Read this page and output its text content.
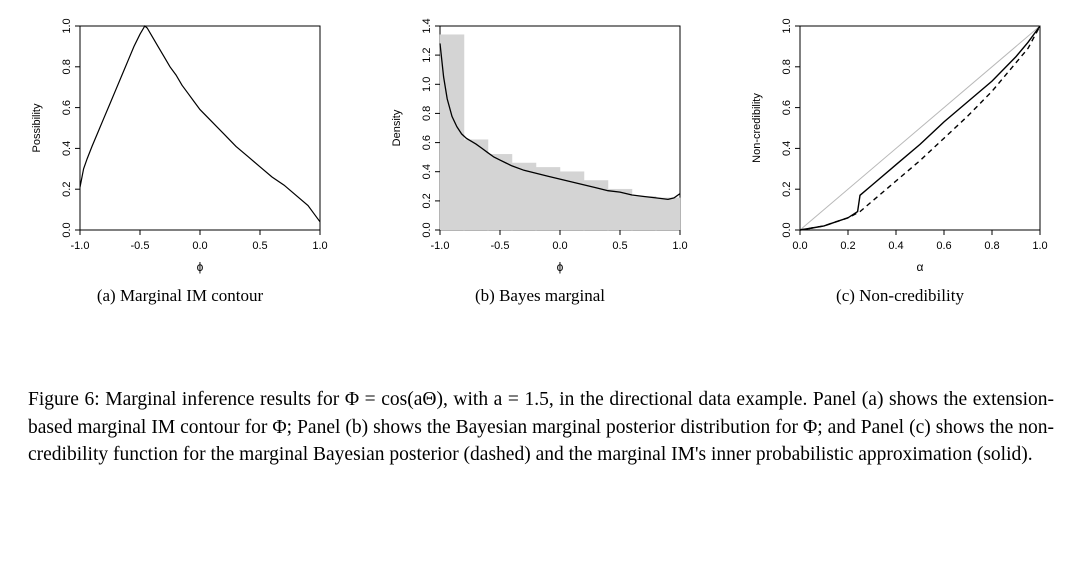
0.0
0.2
0.4
0.6
0.8
1.0
-1.0	-0.5	0.0	0.5	1.0
ϕ
Possibility
(a) Marginal IM contour
0.0
0.2
0.4
0.6
0.8
1.0
1.2
1.4
-1.0	-0.5	0.0	0.5	1.0
ϕ
Density
(b) Bayes marginal
0.0
0.2
0.4
0.6
0.8
1.0
0.0	0.2	0.4	0.6	0.8	1.0
α
Non-credibility
(c) Non-credibility
Figure 6: Marginal inference results for Φ = cos(aΘ), with a = 1.5, in the directional data example. Panel (a) shows the extension-based marginal IM contour for Φ; Panel (b) shows the Bayesian marginal posterior distribution for Φ; and Panel (c) shows the non-credibility function for the marginal Bayesian posterior (dashed) and the marginal IM's inner probabilistic approximation (solid).
